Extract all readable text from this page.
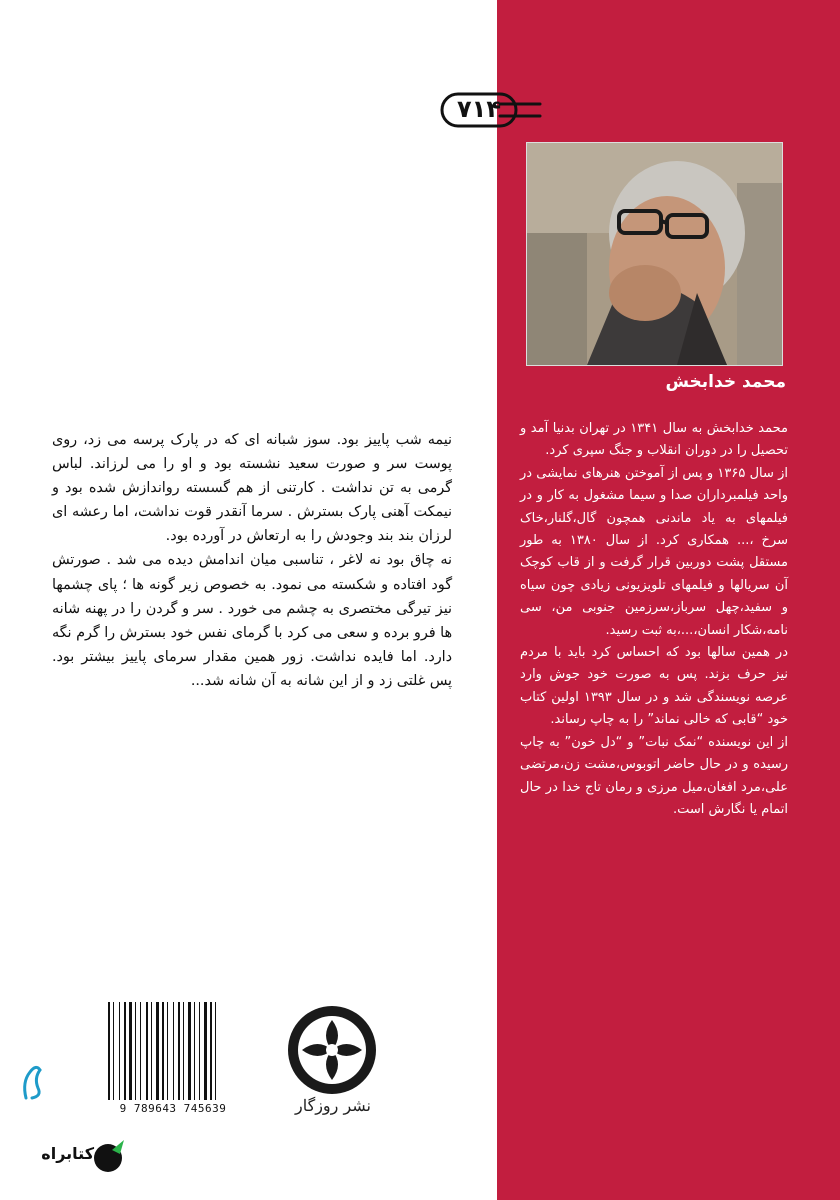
۷۱۴
محمد خدابخش

محمد خدابخش به سال ۱۳۴۱ در تهران بدنیا آمد و تحصیل را در دوران انقلاب و جنگ سپری کرد.

از سال ۱۳۶۵ و پس از آموختن هنرهای نمایشی در واحد فیلمبرداران صدا و سیما مشغول به کار و در فیلمهای به یاد ماندنی همچون گال،گلنار،خاک سرخ ،... همکاری کرد. از سال ۱۳۸۰ به طور مستقل پشت دوربین قرار گرفت و از قاب کوچک آن سریالها و فیلمهای تلویزیونی زیادی چون سیاه و سفید،چهل سرباز،سرزمین جنوبی من، سی نامه،شکار انسان،...،به ثبت رسید.

در همین سالها بود که احساس کرد باید با مردم نیز حرف بزند. پس به صورت خود جوش وارد عرصه نویسندگی شد و در سال ۱۳۹۳ اولین کتاب خود “قابی که خالی نماند” را به چاپ رساند.

از این نویسنده “نمک نبات” و “دل خون” به چاپ رسیده و در حال حاضر اتوبوس،مشت زن،مرتضی علی،مرد افغان،میل مرزی و رمان تاج خدا در حال اتمام یا نگارش است.

نیمه شب پاییز بود. سوز شبانه ای که در پارک پرسه می زد، روی پوست سر و صورت سعید نشسته بود و او را می لرزاند. لباس گرمی به تن نداشت . کارتنی از هم گسسته رواندازش شده بود و نیمکت آهنی پارک بسترش . سرما آنقدر قوت نداشت، اما رعشه ای لرزان بند بند وجودش را به ارتعاش در آورده بود.

نه چاق بود نه لاغر ، تناسبی میان اندامش دیده می شد . صورتش گود افتاده و شکسته می نمود. به خصوص زیر گونه ها ؛ پای چشمها نیز تیرگی مختصری به چشم می خورد . سر و گردن را در پهنه شانه ها فرو برده و سعی می کرد با گرمای نفس خود بسترش را گرم نگه دارد. اما فایده نداشت. زور همین مقدار سرمای پاییز بیشتر بود. پس غلتی زد و از این شانه به آن شانه شد...

9 789643 745639	نشر روزگار
کتابراه
